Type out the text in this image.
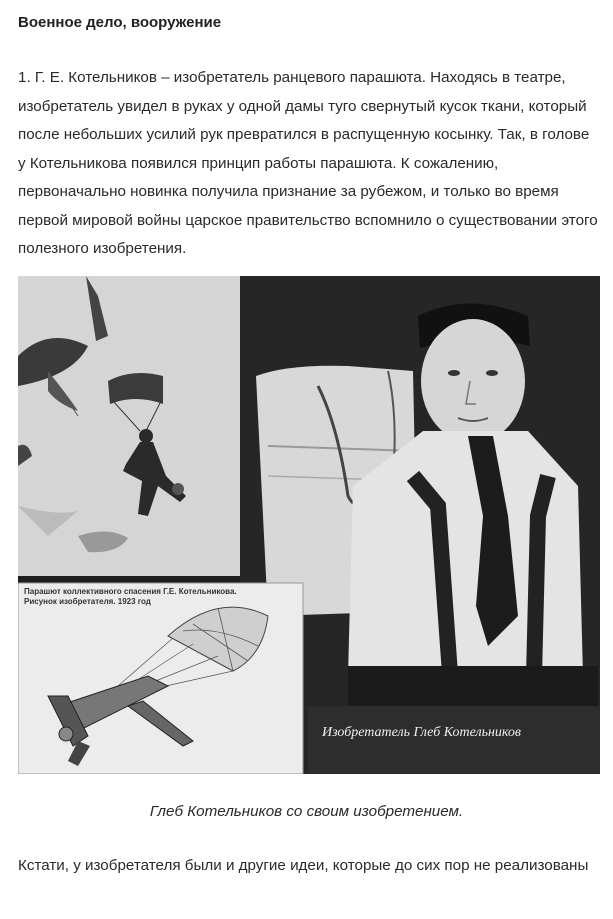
Военное дело, вооружение
1. Г. Е. Котельников – изобретатель ранцевого парашюта. Находясь в театре, изобретатель увидел в руках у одной дамы туго свернутый кусок ткани, который после небольших усилий рук превратился в распущенную косынку. Так, в голове у Котельникова появился принцип работы парашюта. К сожалению, первоначально новинка получила признание за рубежом, и только во время первой мировой войны царское правительство вспомнило о существовании этого полезного изобретения.
Парашют коллективного спасения Г.Е. Котельникова.
Рисунок изобретателя. 1923 год
Изобретатель Глеб Котельников
Глеб Котельников со своим изобретением.
Кстати, у изобретателя были и другие идеи, которые до сих пор не реализованы
